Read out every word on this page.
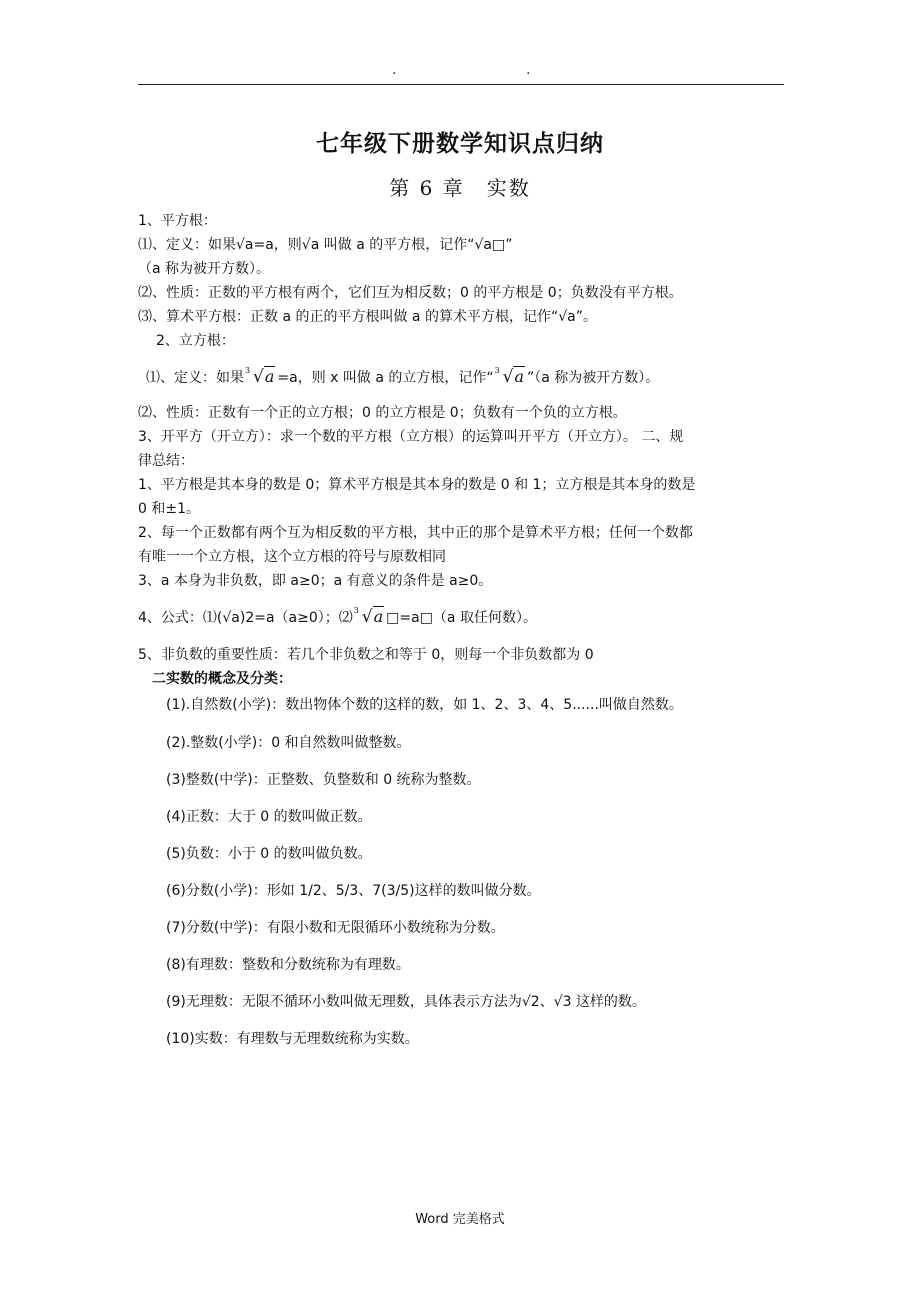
.	.
七年级下册数学知识点归纳
第 6 章　实数
1、平方根：
⑴、定义：如果√a=a，则√a 叫做 a 的平方根，记作“√a□”
（a 称为被开方数）。
⑵、性质：正数的平方根有两个，它们互为相反数；0 的平方根是 0；负数没有平方根。
⑶、算术平方根：正数 a 的正的平方根叫做 a 的算术平方根，记作“√a”。
2、立方根：
⑴、定义：如果 3 √a =a，则 x 叫做 a 的立方根，记作“ 3 √a ”（a 称为被开方数）。
⑵、性质：正数有一个正的立方根；0 的立方根是 0；负数有一个负的立方根。
3、开平方（开立方）：求一个数的平方根（立方根）的运算叫开平方（开立方）。 二、规
律总结：
1、平方根是其本身的数是 0；算术平方根是其本身的数是 0 和 1；立方根是其本身的数是
0 和±1。
2、每一个正数都有两个互为相反数的平方根，其中正的那个是算术平方根；任何一个数都
有唯一一个立方根，这个立方根的符号与原数相同
3、a 本身为非负数，即 a≥0；a 有意义的条件是 a≥0。
4、公式：⑴(√a)2=a（a≥0）；⑵ 3 √a □=a□（a 取任何数）。
5、非负数的重要性质：若几个非负数之和等于 0，则每一个非负数都为 0
二实数的概念及分类：
(1).自然数(小学)：数出物体个数的这样的数，如 1、2、3、4、5......叫做自然数。
(2).整数(小学)：0 和自然数叫做整数。
(3)整数(中学)：正整数、负整数和 0 统称为整数。
(4)正数：大于 0 的数叫做正数。
(5)负数：小于 0 的数叫做负数。
(6)分数(小学)：形如 1/2、5/3、7(3/5)这样的数叫做分数。
(7)分数(中学)：有限小数和无限循环小数统称为分数。
(8)有理数：整数和分数统称为有理数。
(9)无理数：无限不循环小数叫做无理数，具体表示方法为√2、√3 这样的数。
(10)实数：有理数与无理数统称为实数。
Word 完美格式
